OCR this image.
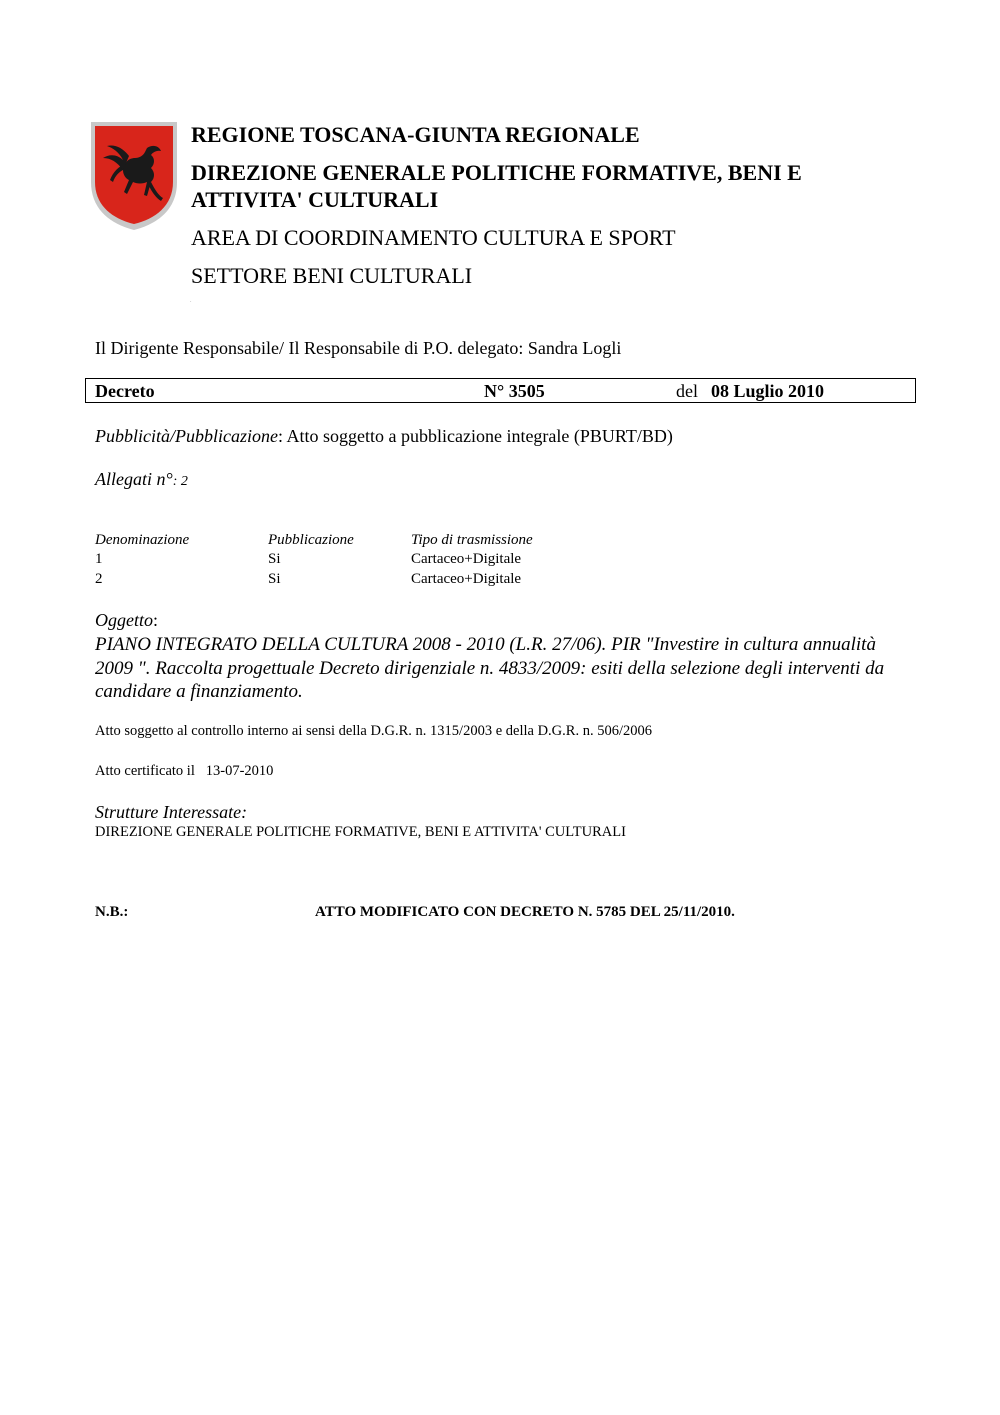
REGIONE TOSCANA-GIUNTA REGIONALE
DIREZIONE GENERALE POLITICHE FORMATIVE, BENI E
ATTIVITA' CULTURALI
AREA DI COORDINAMENTO CULTURA E SPORT
SETTORE BENI CULTURALI
.
Il Dirigente Responsabile/ Il Responsabile di P.O. delegato: Sandra Logli
Decreto	N° 3505	del 08 Luglio 2010
Pubblicità/Pubblicazione: Atto soggetto a pubblicazione integrale (PBURT/BD)
Allegati n°: 2
Denominazione	Pubblicazione	Tipo di trasmissione
1	Si	Cartaceo+Digitale
2	Si	Cartaceo+Digitale
Oggetto:
PIANO INTEGRATO DELLA CULTURA 2008 - 2010 (L.R. 27/06). PIR "Investire in cultura annualità 2009 ". Raccolta progettuale Decreto dirigenziale n. 4833/2009: esiti della selezione degli interventi da candidare a finanziamento.
Atto soggetto al controllo interno ai sensi della D.G.R. n. 1315/2003 e della D.G.R. n. 506/2006
Atto certificato il 13-07-2010
Strutture Interessate:
DIREZIONE GENERALE POLITICHE FORMATIVE, BENI E ATTIVITA' CULTURALI
N.B.:	ATTO MODIFICATO CON DECRETO N. 5785 DEL 25/11/2010.
